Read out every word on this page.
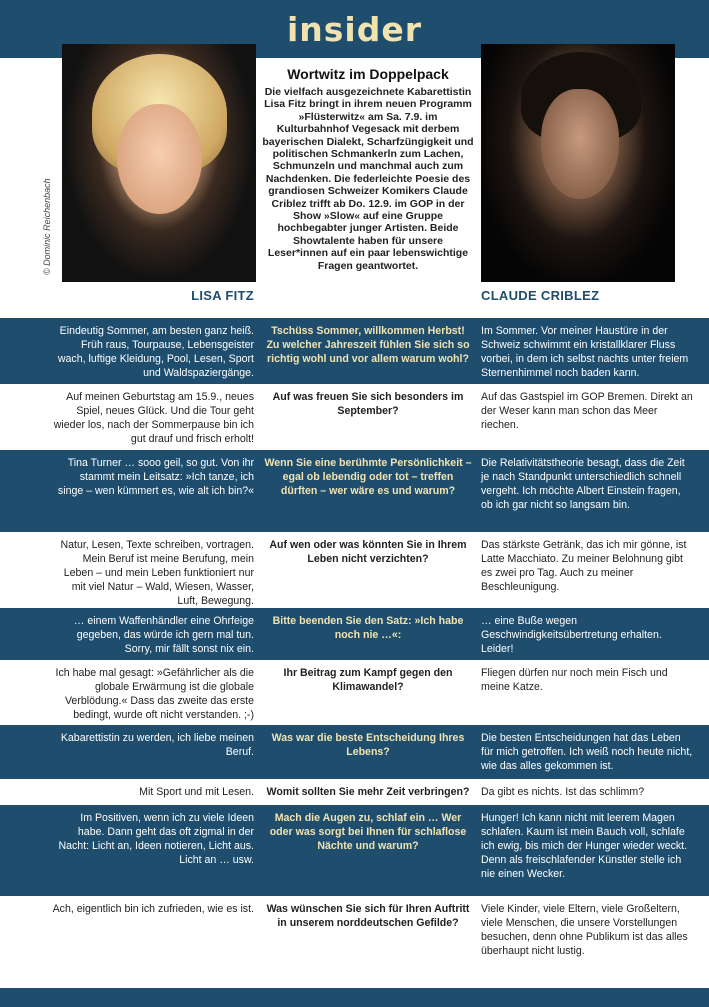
insider
© Dominic Reichenbach
Wortwitz im Doppelpack
Die vielfach ausgezeichnete Kabarettistin Lisa Fitz bringt in ihrem neuen Programm »Flüsterwitz« am Sa. 7.9. im Kulturbahnhof Vegesack mit derbem bayerischen Dialekt, Scharfzüngigkeit und politischen Schmankerln zum Lachen, Schmunzeln und manchmal auch zum Nachdenken. Die federleichte Poesie des grandiosen Schweizer Komikers Claude Criblez trifft ab Do. 12.9. im GOP in der Show »Slow« auf eine Gruppe hochbegabter junger Artisten. Beide Showtalente haben für unsere Leser*innen auf ein paar lebenswichtige Fragen geantwortet.
LISA FITZ	CLAUDE CRIBLEZ
Eindeutig Sommer, am besten ganz heiß. Früh raus, Tourpause, Lebensgeister wach, luftige Kleidung, Pool, Lesen, Sport und Waldspaziergänge.
Tschüss Sommer, willkommen Herbst! Zu welcher Jahreszeit fühlen Sie sich so richtig wohl und vor allem warum wohl?
Im Sommer. Vor meiner Haustüre in der Schweiz schwimmt ein kristallklarer Fluss vorbei, in dem ich selbst nachts unter freiem Sternenhimmel noch baden kann.
Auf meinen Geburtstag am 15.9., neues Spiel, neues Glück. Und die Tour geht wieder los, nach der Sommerpause bin ich gut drauf und frisch erholt!
Auf was freuen Sie sich besonders im September?
Auf das Gastspiel im GOP Bremen. Direkt an der Weser kann man schon das Meer riechen.
Tina Turner … sooo geil, so gut. Von ihr stammt mein Leitsatz: »Ich tanze, ich singe – wen kümmert es, wie alt ich bin?«
Wenn Sie eine berühmte Persönlichkeit – egal ob lebendig oder tot – treffen dürften – wer wäre es und warum?
Die Relativitätstheorie besagt, dass die Zeit je nach Standpunkt unterschiedlich schnell vergeht. Ich möchte Albert Einstein fragen, ob ich gar nicht so langsam bin.
Natur, Lesen, Texte schreiben, vortragen. Mein Beruf ist meine Berufung, mein Leben – und mein Leben funktioniert nur mit viel Natur – Wald, Wiesen, Wasser, Luft, Bewegung.
Auf wen oder was könnten Sie in Ihrem Leben nicht verzichten?
Das stärkste Getränk, das ich mir gönne, ist Latte Macchiato. Zu meiner Belohnung gibt es zwei pro Tag. Auch zu meiner Beschleunigung.
… einem Waffenhändler eine Ohrfeige gegeben, das würde ich gern mal tun. Sorry, mir fällt sonst nix ein.
Bitte beenden Sie den Satz: »Ich habe noch nie …«:
… eine Buße wegen Geschwindigkeitsübertretung erhalten. Leider!
Ich habe mal gesagt: »Gefährlicher als die globale Erwärmung ist die globale Verblödung.« Dass das zweite das erste bedingt, wurde oft nicht verstanden. ;-)
Ihr Beitrag zum Kampf gegen den Klimawandel?
Fliegen dürfen nur noch mein Fisch und meine Katze.
Kabarettistin zu werden, ich liebe meinen Beruf.
Was war die beste Entscheidung Ihres Lebens?
Die besten Entscheidungen hat das Leben für mich getroffen. Ich weiß noch heute nicht, wie das alles gekommen ist.
Mit Sport und mit Lesen. Womit sollten Sie mehr Zeit verbringen? Da gibt es nichts. Ist das schlimm?
Im Positiven, wenn ich zu viele Ideen habe. Dann geht das oft zigmal in der Nacht: Licht an, Ideen notieren, Licht aus. Licht an … usw.
Mach die Augen zu, schlaf ein … Wer oder was sorgt bei Ihnen für schlaflose Nächte und warum?
Hunger! Ich kann nicht mit leerem Magen schlafen. Kaum ist mein Bauch voll, schlafe ich ewig, bis mich der Hunger wieder weckt. Denn als freischlafender Künstler stelle ich nie einen Wecker.
Ach, eigentlich bin ich zufrieden, wie es ist. Was wünschen Sie sich für Ihren Auftritt in unserem norddeutschen Gefilde?
Viele Kinder, viele Eltern, viele Großeltern, viele Menschen, die unsere Vorstellungen besuchen, denn ohne Publikum ist das alles überhaupt nicht lustig.
